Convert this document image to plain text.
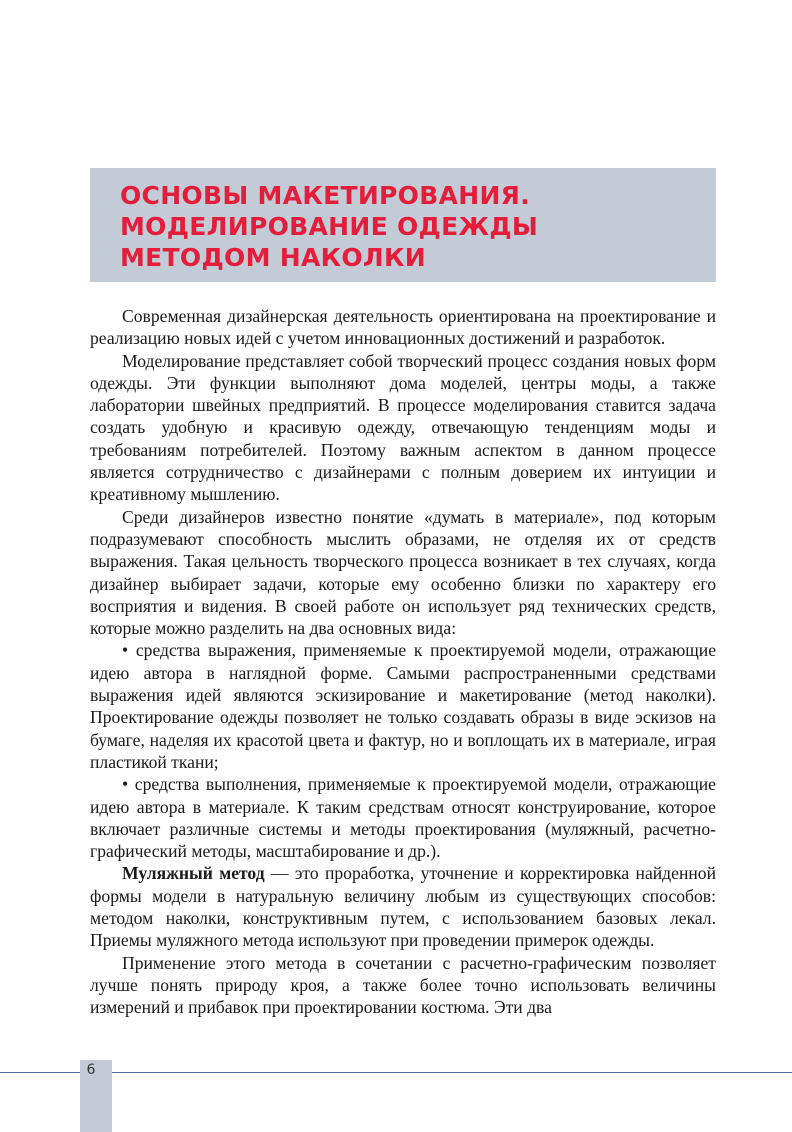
ОСНОВЫ МАКЕТИРОВАНИЯ.
МОДЕЛИРОВАНИЕ ОДЕЖДЫ
МЕТОДОМ НАКОЛКИ

Современная дизайнерская деятельность ориентирована на проектирование и реализацию новых идей с учетом инновационных достижений и разработок.

Моделирование представляет собой творческий процесс создания новых форм одежды. Эти функции выполняют дома моделей, центры моды, а также лаборатории швейных предприятий. В процессе моделирования ставится задача создать удобную и красивую одежду, отвечающую тенденциям моды и требованиям потребителей. Поэтому важным аспектом в данном процессе является сотрудничество с дизайнерами с полным доверием их интуиции и креативному мышлению.

Среди дизайнеров известно понятие «думать в материале», под которым подразумевают способность мыслить образами, не отделяя их от средств выражения. Такая цельность творческого процесса возникает в тех случаях, когда дизайнер выбирает задачи, которые ему особенно близки по характеру его восприятия и видения. В своей работе он использует ряд технических средств, которые можно разделить на два основных вида:

• средства выражения, применяемые к проектируемой модели, отражающие идею автора в наглядной форме. Самыми распространенными средствами выражения идей являются эскизирование и макетирование (метод наколки). Проектирование одежды позволяет не только создавать образы в виде эскизов на бумаге, наделяя их красотой цвета и фактур, но и воплощать их в материале, играя пластикой ткани;

• средства выполнения, применяемые к проектируемой модели, отражающие идею автора в материале. К таким средствам относят конструирование, которое включает различные системы и методы проектирования (муляжный, расчетно-графический методы, масштабирование и др.).

Муляжный метод — это проработка, уточнение и корректировка найденной формы модели в натуральную величину любым из существующих способов: методом наколки, конструктивным путем, с использованием базовых лекал. Приемы муляжного метода используют при проведении примерок одежды.

Применение этого метода в сочетании с расчетно-графическим позволяет лучше понять природу кроя, а также более точно использовать величины измерений и прибавок при проектировании костюма. Эти два

6
